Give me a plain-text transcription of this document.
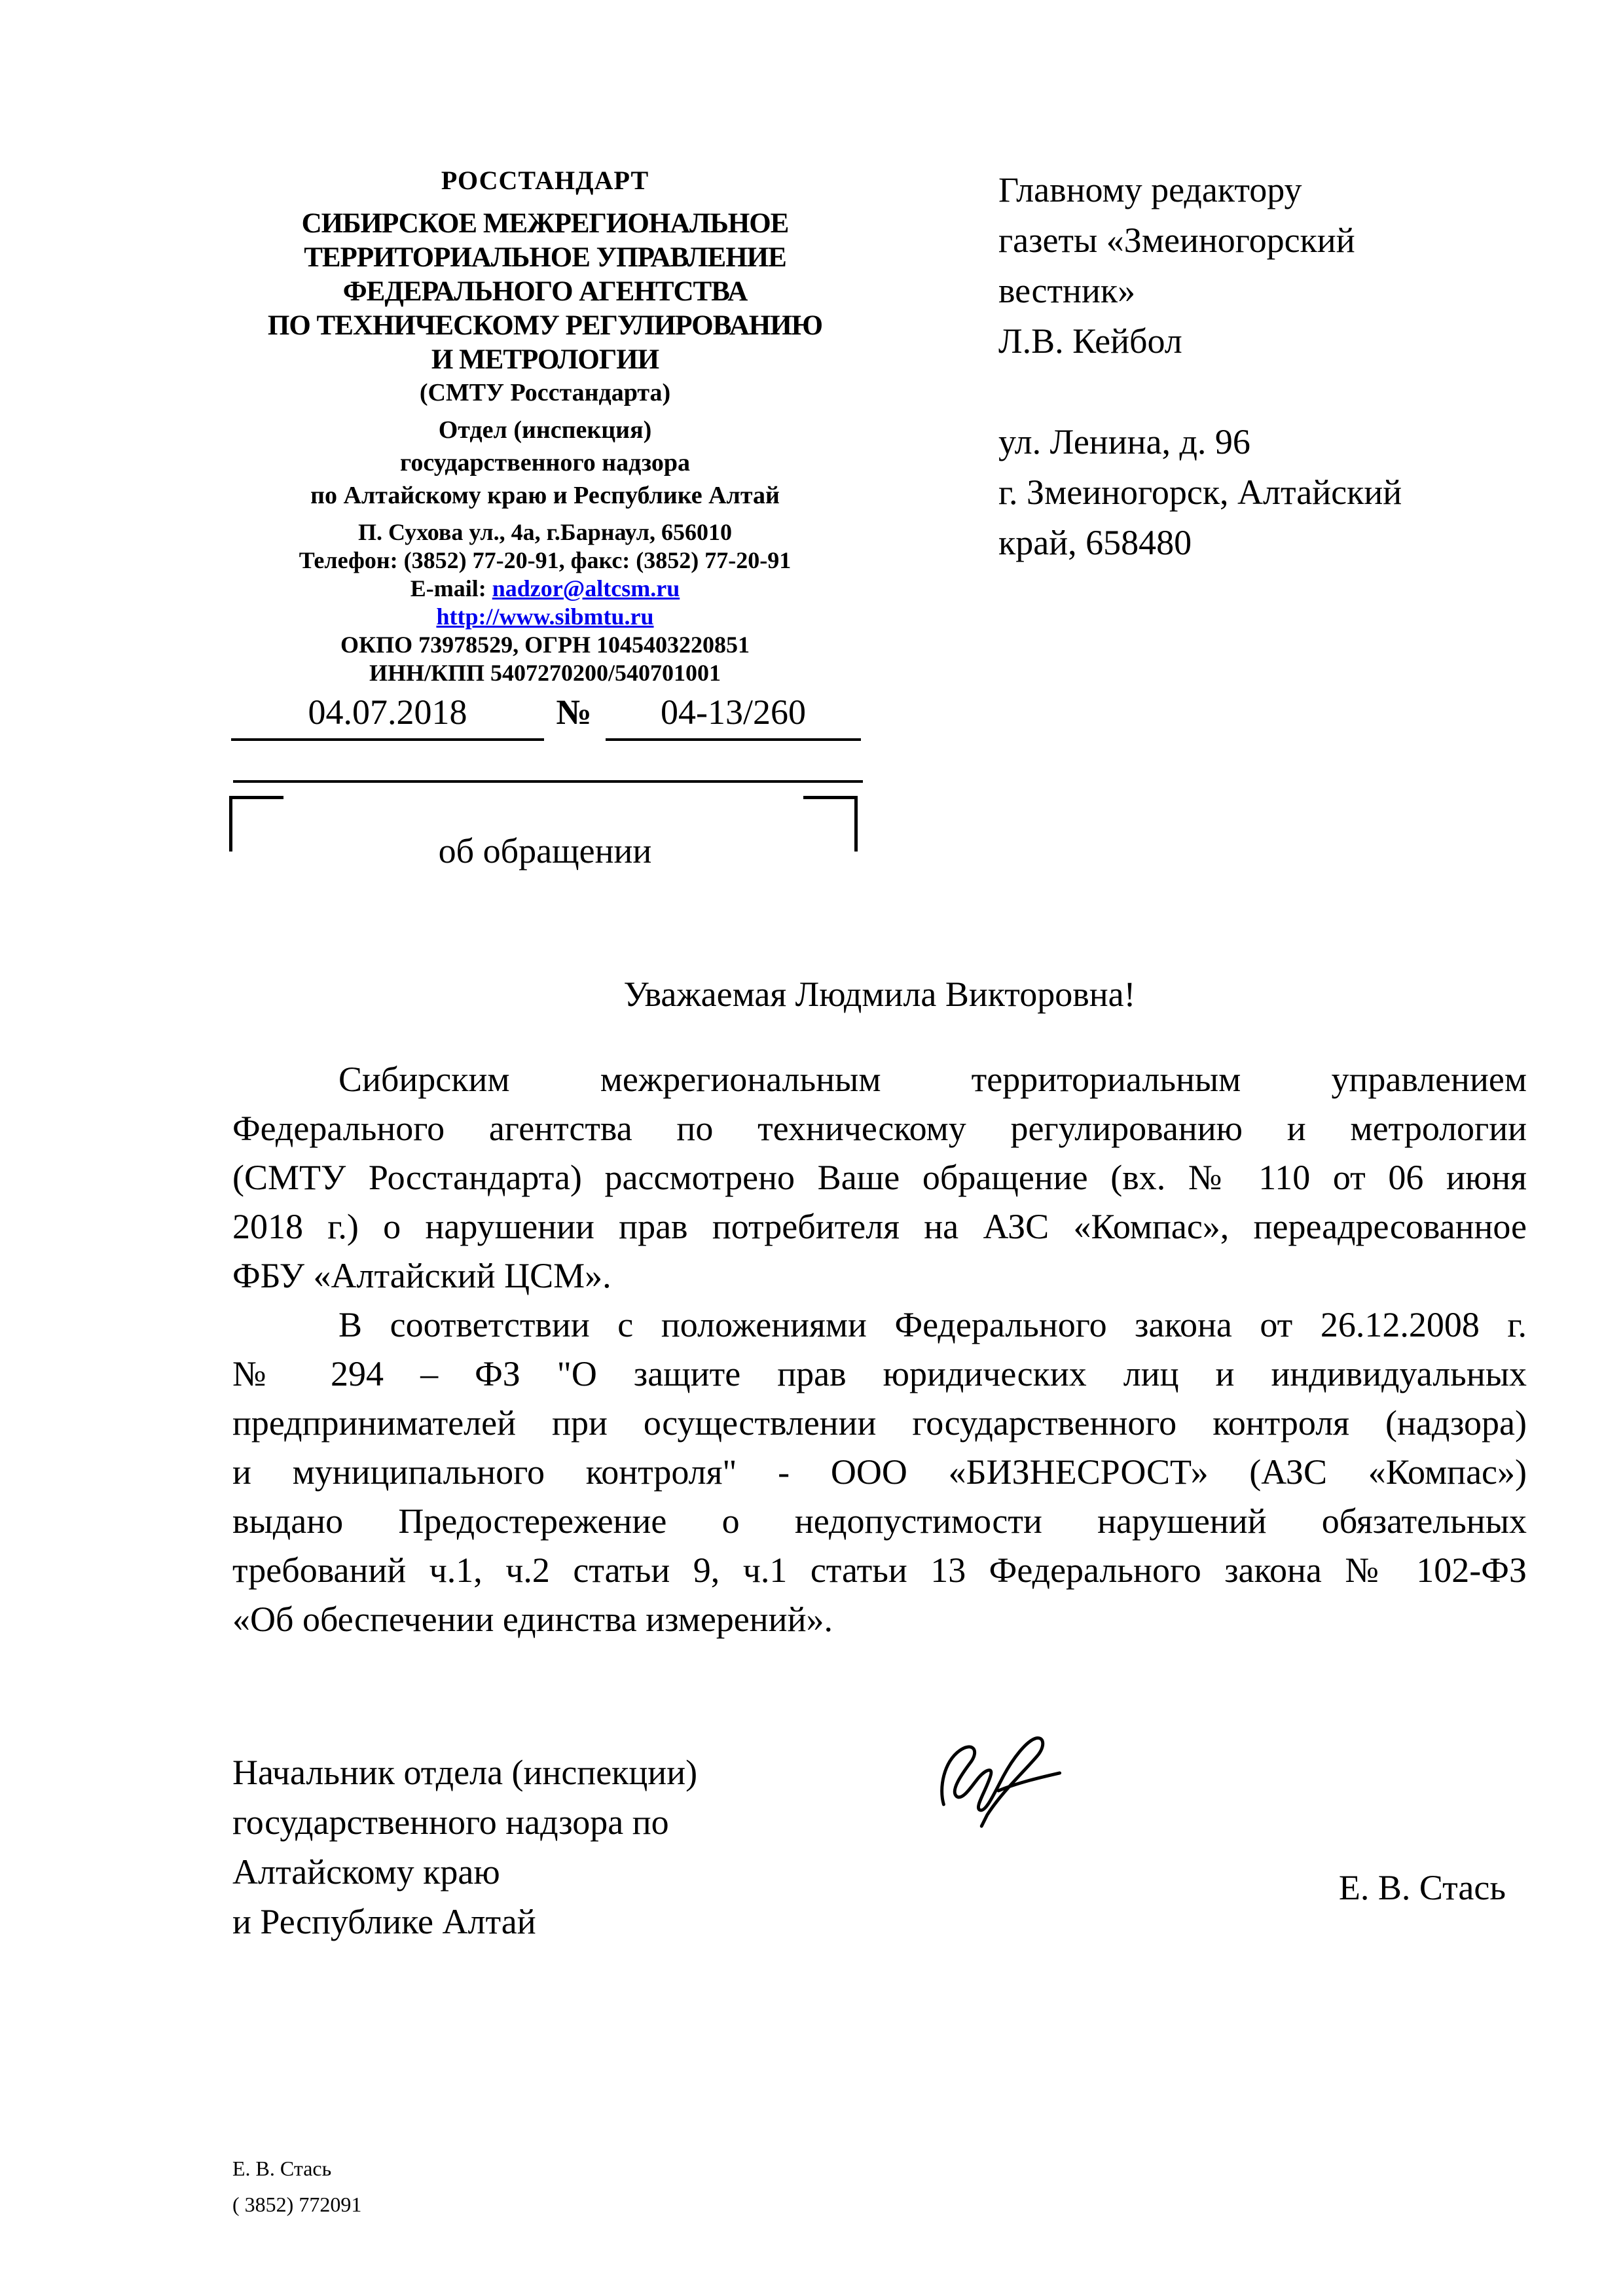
РОССТАНДАРТ
СИБИРСКОЕ МЕЖРЕГИОНАЛЬНОЕ
ТЕРРИТОРИАЛЬНОЕ УПРАВЛЕНИЕ
ФЕДЕРАЛЬНОГО АГЕНТСТВА
ПО ТЕХНИЧЕСКОМУ РЕГУЛИРОВАНИЮ
И МЕТРОЛОГИИ
(СМТУ Росстандарта)
Отдел (инспекция)
государственного надзора
по Алтайскому краю и Республике Алтай
П. Сухова ул., 4а, г.Барнаул, 656010
Телефон: (3852) 77-20-91, факс: (3852) 77-20-91
E-mail: nadzor@altcsm.ru
http://www.sibmtu.ru
ОКПО 73978529, ОГРН 1045403220851
ИНН/КПП 5407270200/540701001
Главному редактору
газеты «Змеиногорский
вестник»
Л.В. Кейбол
ул. Ленина, д. 96
г. Змеиногорск, Алтайский
край, 658480
04.07.2018	№	04-13/260
об обращении
Уважаемая Людмила Викторовна!
Сибирским межрегиональным территориальным управлением
Федерального агентства по техническому регулированию и метрологии
(СМТУ Росстандарта) рассмотрено Ваше обращение (вх. № 110 от 06 июня
2018 г.) о нарушении прав потребителя на АЗС «Компас», переадресованное
ФБУ «Алтайский ЦСМ».
В соответствии с положениями Федерального закона от 26.12.2008 г.
№ 294 – ФЗ "О защите прав юридических лиц и индивидуальных
предпринимателей при осуществлении государственного контроля (надзора)
и муниципального контроля" - ООО «БИЗНЕСРОСТ» (АЗС «Компас»)
выдано Предостережение о недопустимости нарушений обязательных
требований ч.1, ч.2 статьи 9, ч.1 статьи 13 Федерального закона № 102-ФЗ
«Об обеспечении единства измерений».
Начальник отдела (инспекции)
государственного надзора по
Алтайскому краю
и Республике Алтай
Е. В. Стась
Е. В. Стась
( 3852) 772091
